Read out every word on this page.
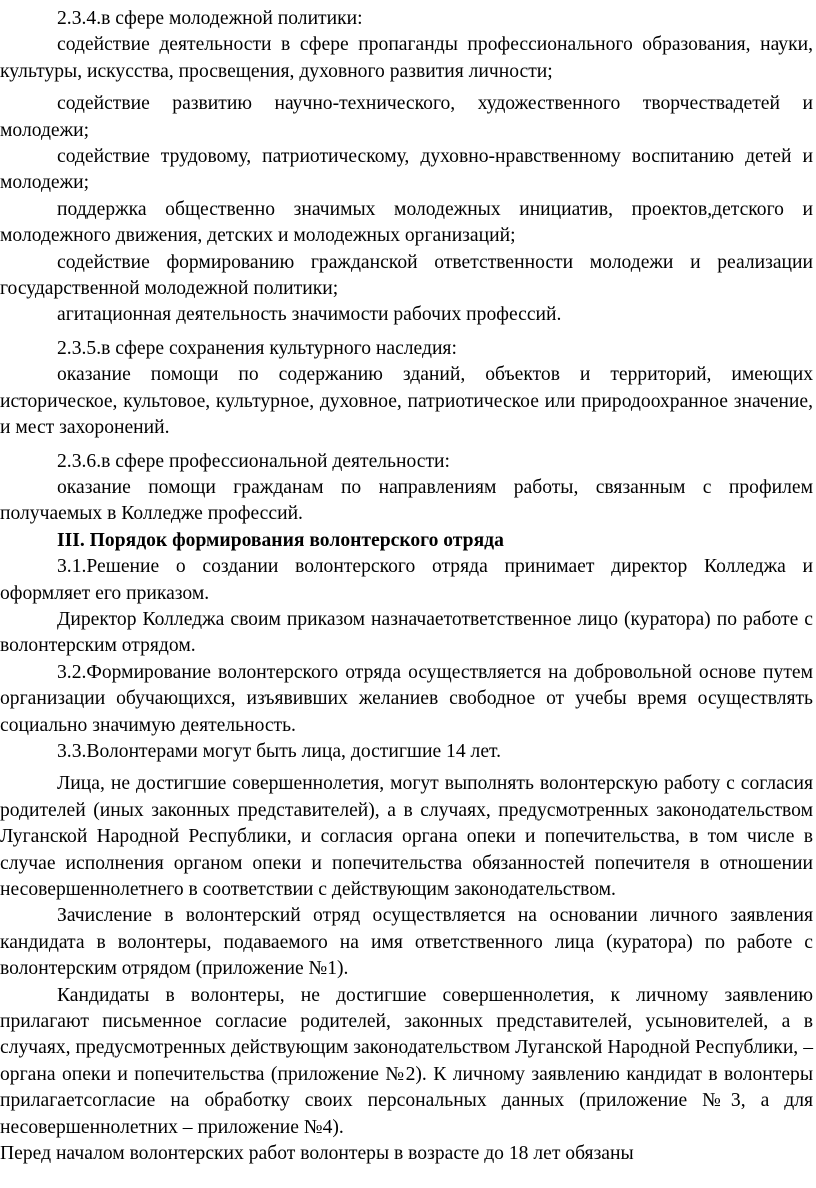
2.3.4.в сфере молодежной политики:

содействие деятельности в сфере пропаганды профессионального образования, науки, культуры, искусства, просвещения, духовного развития личности;

содействие развитию научно-технического, художественного творчествадетей и молодежи;

содействие трудовому, патриотическому, духовно-нравственному воспитанию детей и молодежи;

поддержка общественно значимых молодежных инициатив, проектов,детского и молодежного движения, детских и молодежных организаций;

содействие формированию гражданской ответственности молодежи и реализации государственной молодежной политики;

агитационная деятельность значимости рабочих профессий.

2.3.5.в сфере сохранения культурного наследия:

оказание помощи по содержанию зданий, объектов и территорий, имеющих историческое, культовое, культурное, духовное, патриотическое или природоохранное значение, и мест захоронений.

2.3.6.в сфере профессиональной деятельности:

оказание помощи гражданам по направлениям работы, связанным с профилем получаемых в Колледже профессий.

III. Порядок формирования волонтерского отряда

3.1.Решение о создании волонтерского отряда принимает директор Колледжа и оформляет его приказом.

Директор Колледжа своим приказом назначаетответственное лицо (куратора) по работе с волонтерским отрядом.

3.2.Формирование волонтерского отряда осуществляется на добровольной основе путем организации обучающихся, изъявивших желаниев свободное от учебы время осуществлять социально значимую деятельность.

3.3.Волонтерами могут быть лица, достигшие 14 лет.

Лица, не достигшие совершеннолетия, могут выполнять волонтерскую работу с согласия родителей (иных законных представителей), а в случаях, предусмотренных законодательством Луганской Народной Республики, и согласия органа опеки и попечительства, в том числе в случае исполнения органом опеки и попечительства обязанностей попечителя в отношении несовершеннолетнего в соответствии с действующим законодательством.

Зачисление в волонтерский отряд осуществляется на основании личного заявления кандидата в волонтеры, подаваемого на имя ответственного лица (куратора) по работе с волонтерским отрядом (приложение №1).

Кандидаты в волонтеры, не достигшие совершеннолетия, к личному заявлению прилагают письменное согласие родителей, законных представителей, усыновителей, а в случаях, предусмотренных действующим законодательством Луганской Народной Республики, – органа опеки и попечительства (приложение №2). К личному заявлению кандидат в волонтеры прилагаетсогласие на обработку своих персональных данных (приложение №3, а для несовершеннолетних – приложение №4).

Перед началом волонтерских работ волонтеры в возрасте до 18 лет обязаны
